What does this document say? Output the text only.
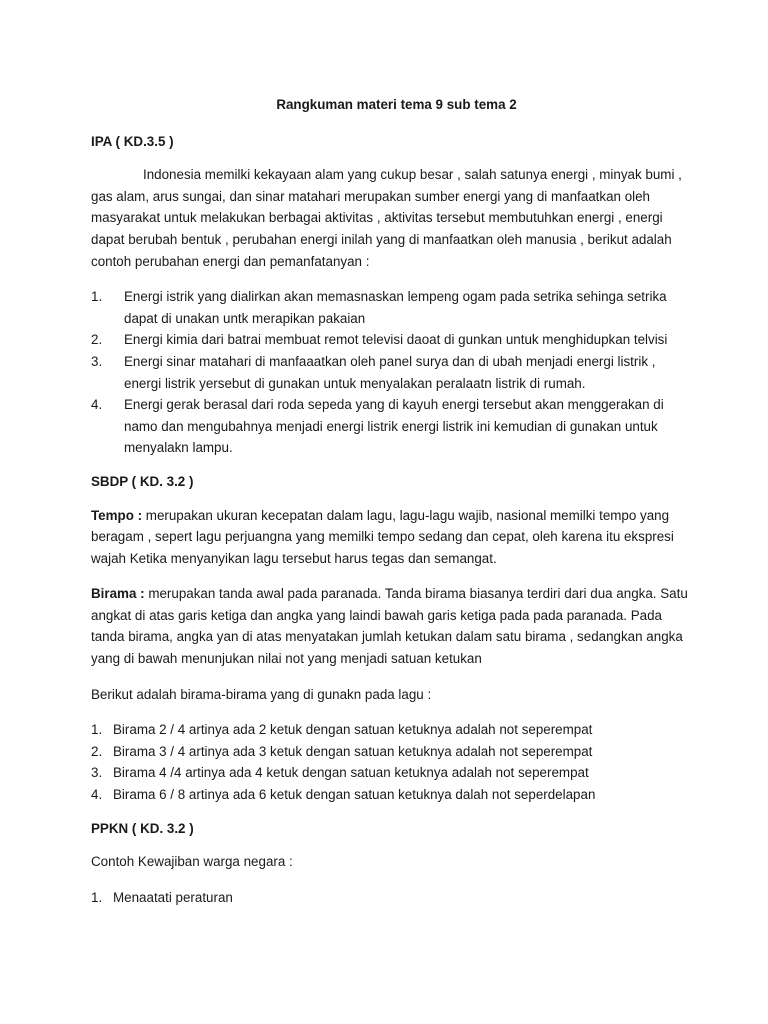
Rangkuman materi tema 9 sub tema 2

IPA ( KD.3.5 )

Indonesia memilki kekayaan alam yang cukup besar , salah satunya energi , minyak bumi , gas alam, arus sungai, dan sinar matahari merupakan sumber energi yang di manfaatkan oleh masyarakat untuk melakukan berbagai aktivitas , aktivitas tersebut membutuhkan energi , energi dapat berubah bentuk , perubahan energi inilah yang di manfaatkan oleh manusia , berikut adalah contoh perubahan energi dan pemanfatanyan :

1. Energi istrik yang dialirkan akan memasnaskan lempeng ogam pada setrika sehinga setrika dapat di unakan untk merapikan pakaian
2. Energi kimia dari batrai membuat remot televisi daoat di gunkan untuk menghidupkan telvisi
3. Energi sinar matahari di manfaaatkan oleh panel surya dan di ubah menjadi energi listrik , energi listrik yersebut di gunakan untuk menyalakan peralaatn listrik di rumah.
4. Energi gerak berasal dari roda sepeda yang di kayuh energi tersebut akan menggerakan di namo dan mengubahnya menjadi energi listrik energi listrik ini kemudian di gunakan untuk menyalakn lampu.

SBDP ( KD. 3.2 )

Tempo : merupakan ukuran kecepatan dalam lagu, lagu-lagu wajib, nasional memilki tempo yang beragam , sepert lagu perjuangna yang memilki tempo sedang dan cepat, oleh karena itu ekspresi wajah Ketika menyanyikan lagu tersebut harus tegas dan semangat.

Birama : merupakan tanda awal pada paranada. Tanda birama biasanya terdiri dari dua angka. Satu angkat di atas garis ketiga dan angka yang laindi bawah garis ketiga pada pada paranada. Pada tanda birama, angka yan di atas menyatakan jumlah ketukan dalam satu birama , sedangkan angka yang di bawah menunjukan nilai not yang menjadi satuan ketukan

Berikut adalah birama-birama yang di gunakn pada lagu :

1. Birama 2 / 4 artinya ada 2 ketuk dengan satuan ketuknya adalah not seperempat
2. Birama 3 / 4 artinya ada 3 ketuk dengan satuan ketuknya adalah not seperempat
3. Birama 4 /4 artinya ada 4 ketuk dengan satuan ketuknya adalah not seperempat
4. Birama 6 / 8 artinya ada 6 ketuk dengan satuan ketuknya dalah not seperdelapan

PPKN ( KD. 3.2 )

Contoh Kewajiban warga negara :

1. Menaatati peraturan
